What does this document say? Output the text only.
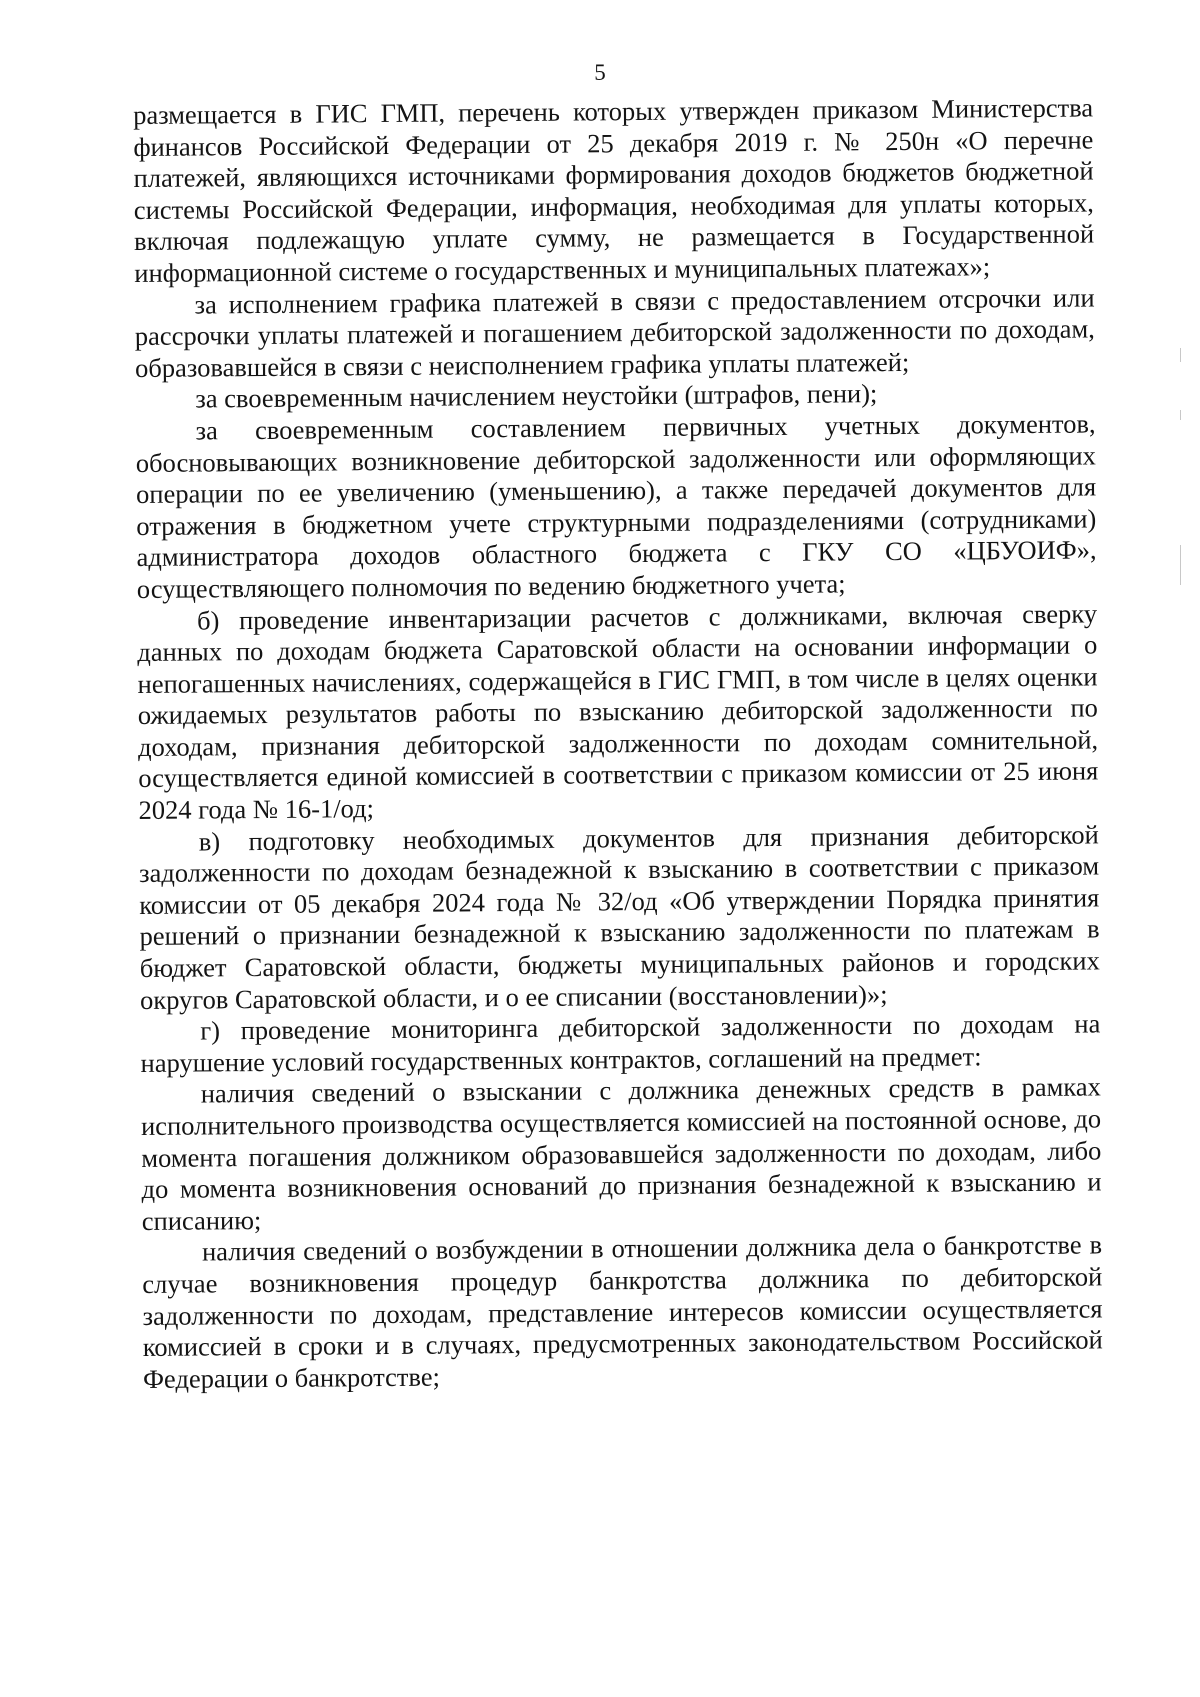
5

размещается в ГИС ГМП, перечень которых утвержден приказом Министерства финансов Российской Федерации от 25 декабря 2019 г. № 250н «О перечне платежей, являющихся источниками формирования доходов бюджетов бюджетной системы Российской Федерации, информация, необходимая для уплаты которых, включая подлежащую уплате сумму, не размещается в Государственной информационной системе о государственных и муниципальных платежах»;

за исполнением графика платежей в связи с предоставлением отсрочки или рассрочки уплаты платежей и погашением дебиторской задолженности по доходам, образовавшейся в связи с неисполнением графика уплаты платежей;

за своевременным начислением неустойки (штрафов, пени);

за своевременным составлением первичных учетных документов, обосновывающих возникновение дебиторской задолженности или оформляющих операции по ее увеличению (уменьшению), а также передачей документов для отражения в бюджетном учете структурными подразделениями (сотрудниками) администратора доходов областного бюджета с ГКУ СО «ЦБУОИФ», осуществляющего полномочия по ведению бюджетного учета;

б) проведение инвентаризации расчетов с должниками, включая сверку данных по доходам бюджета Саратовской области на основании информации о непогашенных начислениях, содержащейся в ГИС ГМП, в том числе в целях оценки ожидаемых результатов работы по взысканию дебиторской задолженности по доходам, признания дебиторской задолженности по доходам сомнительной, осуществляется единой комиссией в соответствии с приказом комиссии от 25 июня 2024 года № 16-1/од;

в) подготовку необходимых документов для признания дебиторской задолженности по доходам безнадежной к взысканию в соответствии с приказом комиссии от 05 декабря 2024 года № 32/од «Об утверждении Порядка принятия решений о признании безнадежной к взысканию задолженности по платежам в бюджет Саратовской области, бюджеты муниципальных районов и городских округов Саратовской области, и о ее списании (восстановлении)»;

г) проведение мониторинга дебиторской задолженности по доходам на нарушение условий государственных контрактов, соглашений на предмет:

наличия сведений о взыскании с должника денежных средств в рамках исполнительного производства осуществляется комиссией на постоянной основе, до момента погашения должником образовавшейся задолженности по доходам, либо до момента возникновения оснований до признания безнадежной к взысканию и списанию;

наличия сведений о возбуждении в отношении должника дела о банкротстве в случае возникновения процедур банкротства должника по дебиторской задолженности по доходам, представление интересов комиссии осуществляется комиссией в сроки и в случаях, предусмотренных законодательством Российской Федерации о банкротстве;
